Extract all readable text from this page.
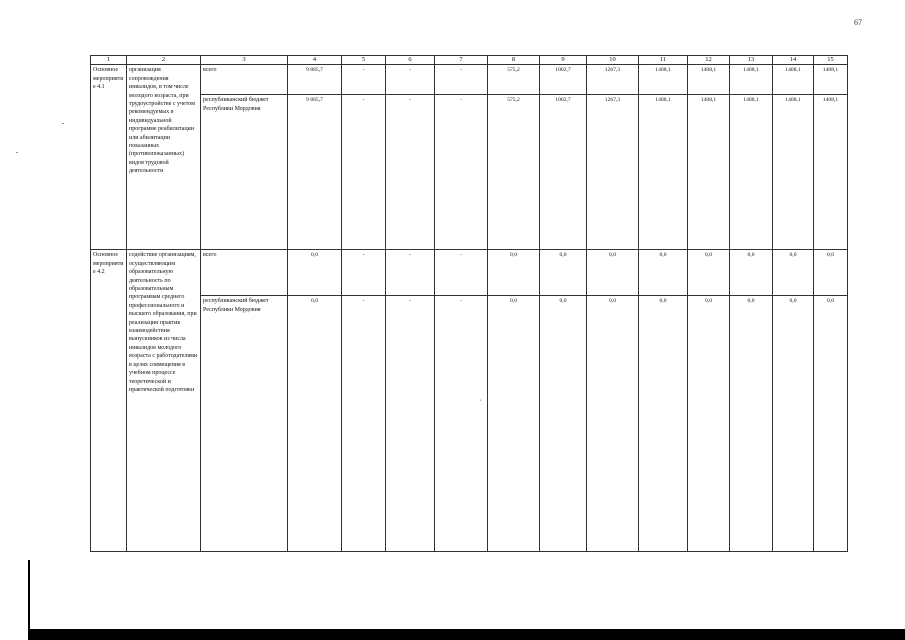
67
1	2	3	4	5	6	7	8	9	10	11	12	13	14	15
Основное мероприятие 4.1	организация сопровождения инвалидов, в том числе молодого возраста, при трудоустройстве с учетом рекомендуемых в индивидуальной программе реабилитации или абилитации показанных (противопоказанных) видов трудовой деятельности	всего	9 885,7	-	-	-	575,2	1002,7	1267,3	1408,1	1408,1	1408,1	1408,1	1408,1
		республиканский бюджет Республики Мордовия	9 885,7	-	-	-	575,2	1002,7	1267,3	1408,1	1408,1	1408,1	1408,1	1408,1
Основное мероприятие 4.2	содействие организациям, осуществляющим образовательную деятельность по образовательным программам среднего профессионального и высшего образования, при реализации практик взаимодействия выпускников из числа инвалидов молодого возраста с работодателями в целях совмещения в учебном процессе теоретической и практической подготовки	всего	0,0	-	-	-	0,0	0,0	0,0	0,0	0,0	0,0	0,0	0,0
		республиканский бюджет Республики Мордовия	0,0	-	-	-	0,0	0,0	0,0	0,0	0,0	0,0	0,0	0,0
,
